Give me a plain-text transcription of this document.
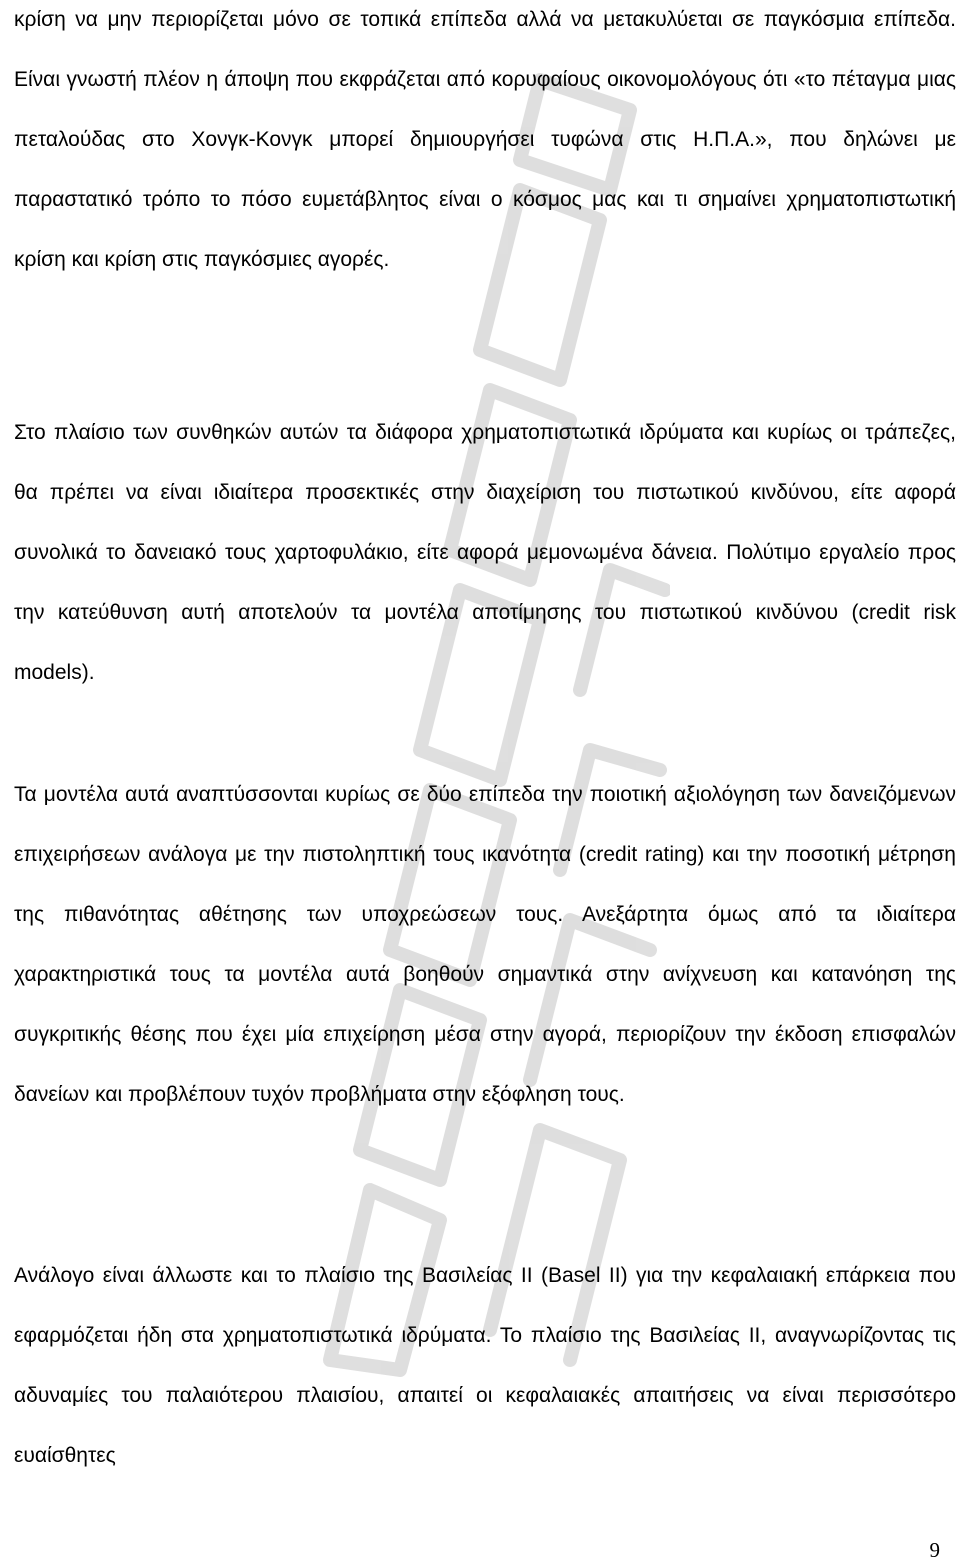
κρίση να μην περιορίζεται μόνο σε τοπικά επίπεδα αλλά να μετακυλύεται σε παγκόσμια επίπεδα. Είναι γνωστή πλέον η άποψη που εκφράζεται από κορυφαίους οικονομολόγους ότι «το πέταγμα μιας πεταλούδας στο Χονγκ-Κονγκ μπορεί δημιουργήσει τυφώνα στις Η.Π.Α.», που δηλώνει με παραστατικό τρόπο το πόσο ευμετάβλητος είναι ο κόσμος μας και τι σημαίνει χρηματοπιστωτική κρίση και κρίση στις παγκόσμιες αγορές.

Στο πλαίσιο των συνθηκών αυτών τα διάφορα χρηματοπιστωτικά ιδρύματα και κυρίως οι τράπεζες, θα πρέπει να είναι ιδιαίτερα προσεκτικές στην διαχείριση του πιστωτικού κινδύνου, είτε αφορά συνολικά το δανειακό τους χαρτοφυλάκιο, είτε αφορά μεμονωμένα δάνεια. Πολύτιμο εργαλείο προς την κατεύθυνση αυτή αποτελούν τα μοντέλα αποτίμησης του πιστωτικού κινδύνου (credit risk models).

Τα μοντέλα αυτά αναπτύσσονται κυρίως σε δύο επίπεδα την ποιοτική αξιολόγηση των δανειζόμενων επιχειρήσεων ανάλογα με την πιστοληπτική τους ικανότητα (credit rating) και την ποσοτική μέτρηση της πιθανότητας αθέτησης των υποχρεώσεων τους. Ανεξάρτητα όμως από τα ιδιαίτερα χαρακτηριστικά τους τα μοντέλα αυτά βοηθούν σημαντικά στην ανίχνευση και κατανόηση της συγκριτικής θέσης που έχει μία επιχείρηση μέσα στην αγορά, περιορίζουν την έκδοση επισφαλών δανείων και προβλέπουν τυχόν προβλήματα στην εξόφληση τους.

Ανάλογο είναι άλλωστε και το πλαίσιο της Βασιλείας ΙΙ (Basel II) για την κεφαλαιακή επάρκεια που εφαρμόζεται ήδη στα χρηματοπιστωτικά ιδρύματα. Το πλαίσιο της Βασιλείας ΙΙ, αναγνωρίζοντας τις αδυναμίες του παλαιότερου πλαισίου, απαιτεί οι κεφαλαιακές απαιτήσεις να είναι περισσότερο ευαίσθητες

9
